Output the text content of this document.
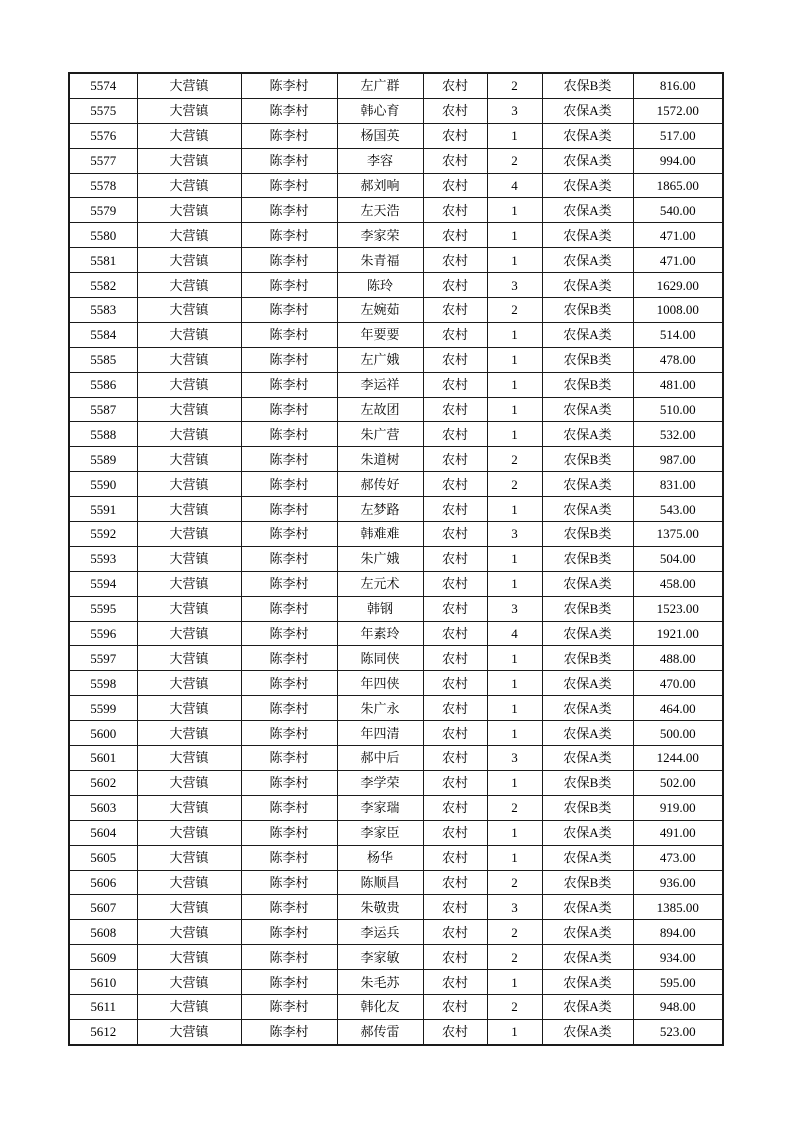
5574	大营镇	陈李村	左广群	农村	2	农保B类	816.00
5575	大营镇	陈李村	韩心育	农村	3	农保A类	1572.00
5576	大营镇	陈李村	杨国英	农村	1	农保A类	517.00
5577	大营镇	陈李村	李容	农村	2	农保A类	994.00
5578	大营镇	陈李村	郝刘响	农村	4	农保A类	1865.00
5579	大营镇	陈李村	左天浩	农村	1	农保A类	540.00
5580	大营镇	陈李村	李家荣	农村	1	农保A类	471.00
5581	大营镇	陈李村	朱青福	农村	1	农保A类	471.00
5582	大营镇	陈李村	陈玲	农村	3	农保A类	1629.00
5583	大营镇	陈李村	左婉茹	农村	2	农保B类	1008.00
5584	大营镇	陈李村	年要要	农村	1	农保A类	514.00
5585	大营镇	陈李村	左广娥	农村	1	农保B类	478.00
5586	大营镇	陈李村	李运祥	农村	1	农保B类	481.00
5587	大营镇	陈李村	左故团	农村	1	农保A类	510.00
5588	大营镇	陈李村	朱广营	农村	1	农保A类	532.00
5589	大营镇	陈李村	朱道树	农村	2	农保B类	987.00
5590	大营镇	陈李村	郝传好	农村	2	农保A类	831.00
5591	大营镇	陈李村	左梦路	农村	1	农保A类	543.00
5592	大营镇	陈李村	韩难难	农村	3	农保B类	1375.00
5593	大营镇	陈李村	朱广娥	农村	1	农保B类	504.00
5594	大营镇	陈李村	左元术	农村	1	农保A类	458.00
5595	大营镇	陈李村	韩钢	农村	3	农保B类	1523.00
5596	大营镇	陈李村	年素玲	农村	4	农保A类	1921.00
5597	大营镇	陈李村	陈同侠	农村	1	农保B类	488.00
5598	大营镇	陈李村	年四侠	农村	1	农保A类	470.00
5599	大营镇	陈李村	朱广永	农村	1	农保A类	464.00
5600	大营镇	陈李村	年四清	农村	1	农保A类	500.00
5601	大营镇	陈李村	郝中后	农村	3	农保A类	1244.00
5602	大营镇	陈李村	李学荣	农村	1	农保B类	502.00
5603	大营镇	陈李村	李家瑞	农村	2	农保B类	919.00
5604	大营镇	陈李村	李家臣	农村	1	农保A类	491.00
5605	大营镇	陈李村	杨华	农村	1	农保A类	473.00
5606	大营镇	陈李村	陈顺昌	农村	2	农保B类	936.00
5607	大营镇	陈李村	朱敬贵	农村	3	农保A类	1385.00
5608	大营镇	陈李村	李运兵	农村	2	农保A类	894.00
5609	大营镇	陈李村	李家敏	农村	2	农保A类	934.00
5610	大营镇	陈李村	朱毛苏	农村	1	农保A类	595.00
5611	大营镇	陈李村	韩化友	农村	2	农保A类	948.00
5612	大营镇	陈李村	郝传雷	农村	1	农保A类	523.00
